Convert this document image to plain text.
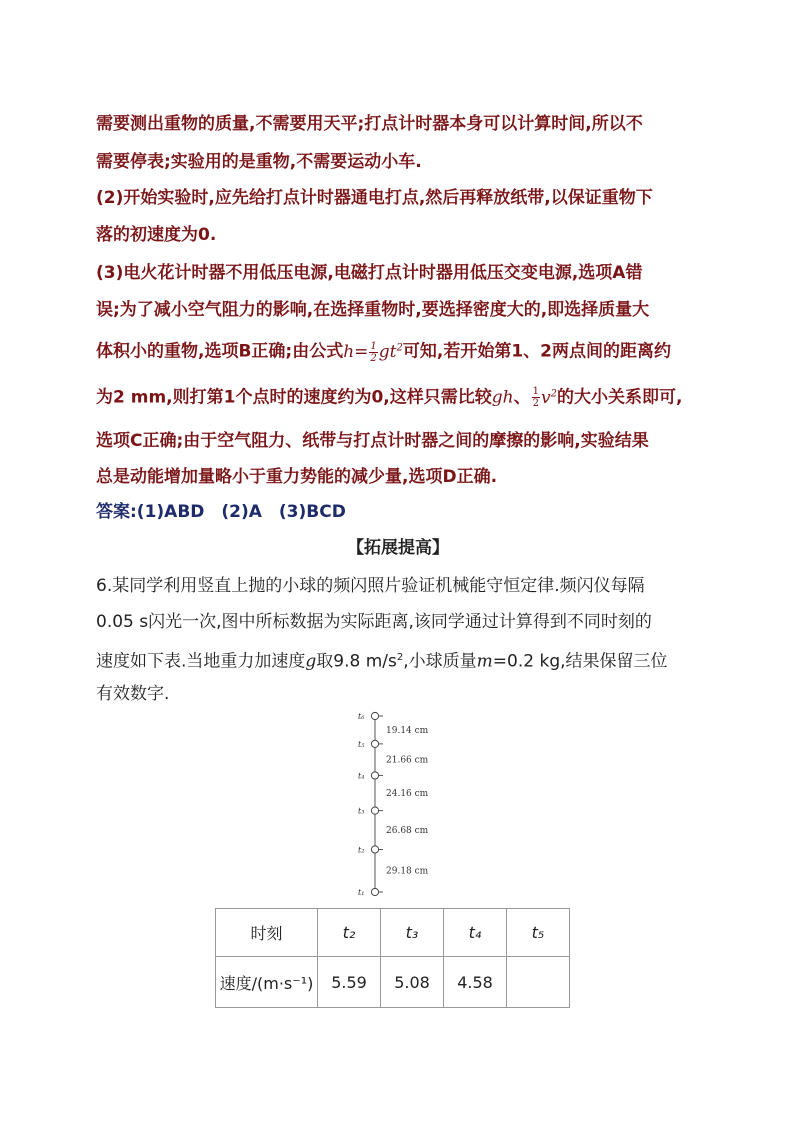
需要测出重物的质量,不需要用天平;打点计时器本身可以计算时间,所以不
需要停表;实验用的是重物,不需要运动小车.
(2)开始实验时,应先给打点计时器通电打点,然后再释放纸带,以保证重物下
落的初速度为0.
(3)电火花计时器不用低压电源,电磁打点计时器用低压交变电源,选项A错
误;为了减小空气阻力的影响,在选择重物时,要选择密度大的,即选择质量大
体积小的重物,选项B正确;由公式$h= \frac{1}{2} gt^2$可知,若开始第1、2两点间的距离约
为2 mm,则打第1个点时的速度约为0,这样只需比较gh、 $\frac{1}{2} v^2$的大小关系即可,
选项C正确;由于空气阻力、纸带与打点计时器之间的摩擦的影响,实验结果
总是动能增加量略小于重力势能的减少量,选项D正确.
答案:(1)ABD　(2)A　(3)BCD
【拓展提高】
6.某同学利用竖直上抛的小球的频闪照片验证机械能守恒定律.频闪仪每隔
0.05 s闪光一次,图中所标数据为实际距离,该同学通过计算得到不同时刻的
速度如下表.当地重力加速度g取9.8 $m/s^2$,小球质量m=0.2 kg,结果保留三位
有效数字.
t₆
t₅
t₄
t₃
t₂
t₁
19.14 cm
21.66 cm
24.16 cm
26.68 cm
29.18 cm
时刻	t₂	t₃	t₄	t₅
速度/(m·s⁻¹)	5.59	5.08	4.58	
